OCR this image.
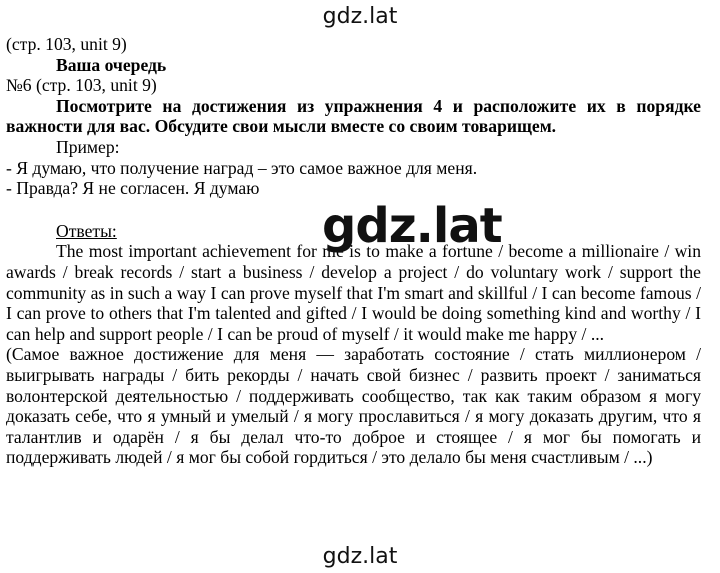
gdz.lat
(стр. 103, unit 9)
Ваша очередь
№6 (стр. 103, unit 9)
Посмотрите на достижения из упражнения 4 и расположите их в порядке важности для вас. Обсудите свои мысли вместе со своим товарищем.
Пример:
- Я думаю, что получение наград – это самое важное для меня.
- Правда? Я не согласен. Я думаю
Ответы:
The most important achievement for me is to make a fortune / become a millionaire / win awards / break records / start a business / develop a project / do voluntary work / support the community as in such a way I can prove myself that I'm smart and skillful / I can become famous / I can prove to others that I'm talented and gifted / I would be doing something kind and worthy / I can help and support people / I can be proud of myself / it would make me happy / ...
(Самое важное достижение для меня — заработать состояние / стать миллионером / выигрывать награды / бить рекорды / начать свой бизнес / развить проект / заниматься волонтерской деятельностью / поддерживать сообщество, так как таким образом я могу доказать себе, что я умный и умелый / я могу прославиться / я могу доказать другим, что я талантлив и одарён / я бы делал что-то доброе и стоящее / я мог бы помогать и поддерживать людей / я мог бы собой гордиться / это делало бы меня счастливым / ...)
gdz.lat
gdz.lat
